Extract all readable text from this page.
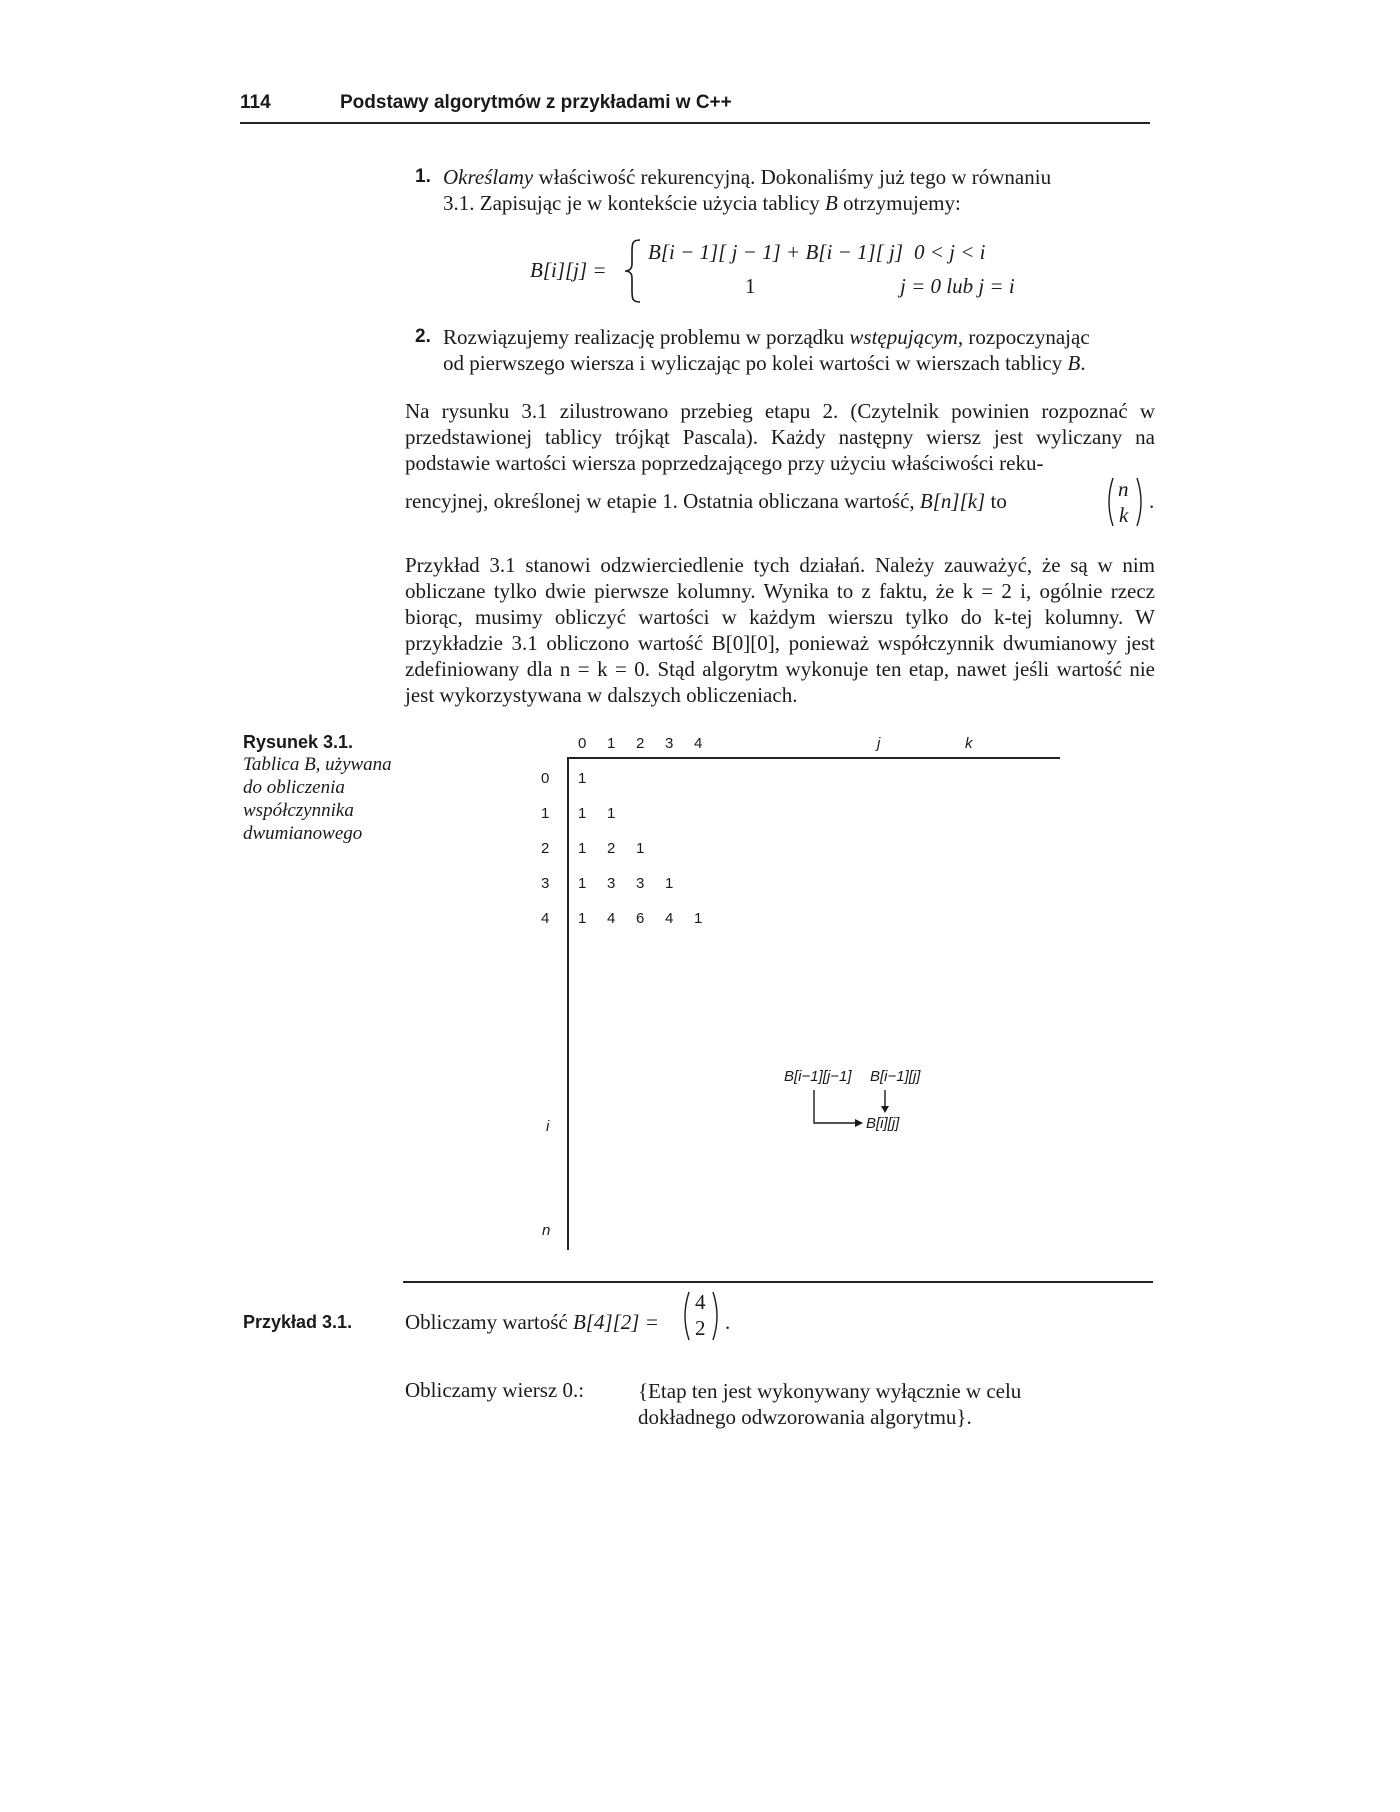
114	Podstawy algorytmów z przykładami w C++
1. Określamy właściwość rekurencyjną. Dokonaliśmy już tego w równaniu
3.1. Zapisując je w kontekście użycia tablicy B otrzymujemy:
B[i][j] =
B[i − 1][ j − 1] + B[i − 1][ j] 0 < j < i
1	j = 0 lub j = i
2. Rozwiązujemy realizację problemu w porządku wstępującym, rozpoczynając
od pierwszego wiersza i wyliczając po kolei wartości w wierszach tablicy B.
Na rysunku 3.1 zilustrowano przebieg etapu 2. (Czytelnik powinien rozpoznać w przedstawionej tablicy trójkąt Pascala). Każdy następny wiersz jest wyliczany na podstawie wartości wiersza poprzedzającego przy użyciu właściwości reku-
rencyjnej, określonej w etapie 1. Ostatnia obliczana wartość, B[n][k] to	n
k
.
Przykład 3.1 stanowi odzwierciedlenie tych działań. Należy zauważyć, że są w nim obliczane tylko dwie pierwsze kolumny. Wynika to z faktu, że k = 2 i, ogólnie rzecz biorąc, musimy obliczyć wartości w każdym wierszu tylko do k-tej kolumny. W przykładzie 3.1 obliczono wartość B[0][0], ponieważ współczynnik dwumianowy jest zdefiniowany dla n = k = 0. Stąd algorytm wykonuje ten etap, nawet jeśli wartość nie jest wykorzystywana w dalszych obliczeniach.
Rysunek 3.1.
Tablica B, używana
do obliczenia
współczynnika
dwumianowego
0 1 2 3 4	j	k
0
1
2
3
4
i
n
1
1 1
1 2 1
1 3 3 1
1 4 6 4 1
B[i−1][j−1] B[i−1][j]
B[i][j]
Przykład 3.1.	Obliczamy wartość B[4][2] =
4
2 .
Obliczamy wiersz 0.:	{Etap ten jest wykonywany wyłącznie w celu
dokładnego odwzorowania algorytmu}.
